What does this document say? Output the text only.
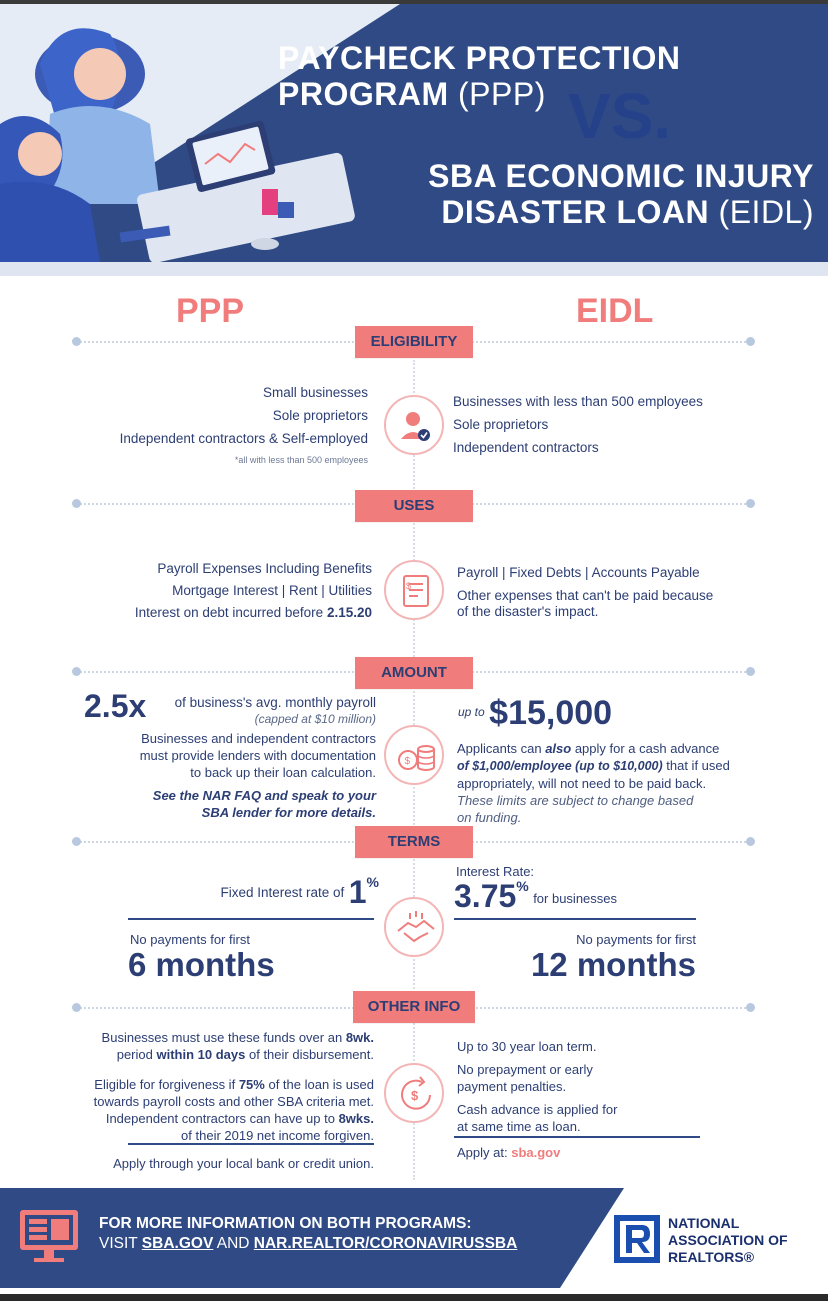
PAYCHECK PROTECTION
PROGRAM (PPP) VS.
SBA ECONOMIC INJURY
DISASTER LOAN (EIDL)
PPP	EIDL
ELIGIBILITY
Small businesses
Sole proprietors
Independent contractors & Self-employed
*all with less than 500 employees
Businesses with less than 500 employees
Sole proprietors
Independent contractors
USES
Payroll Expenses Including Benefits
Mortgage Interest | Rent | Utilities
Interest on debt incurred before 2.15.20
$
Payroll | Fixed Debts | Accounts Payable
Other expenses that can't be paid because
of the disaster's impact.
AMOUNT
2.5x	of business's avg. monthly payroll
(capped at $10 million)
Businesses and independent contractors
must provide lenders with documentation
to back up their loan calculation.
See the NAR FAQ and speak to your
SBA lender for more details.
$
$^{up to}$ $15,000
Applicants can also apply for a cash advance
of $1,000/employee (up to $10,000) that if used
appropriately, will not need to be paid back.
These limits are subject to change based
on funding.
TERMS
$^{Fixed Interest rate of}$ 1%
No payments for first
6 months
Interest Rate:
3.75% $^{for businesses}$
No payments for first
12 months
OTHER INFO
Businesses must use these funds over an 8wk.
period within 10 days of their disbursement.
Eligible for forgiveness if 75% of the loan is used
towards payroll costs and other SBA criteria met.
Independent contractors can have up to 8wks.
of their 2019 net income forgiven.
Apply through your local bank or credit union.
$
Up to 30 year loan term.
No prepayment or early
payment penalties.
Cash advance is applied for
at same time as loan.
Apply at: sba.gov
FOR MORE INFORMATION ON BOTH PROGRAMS:
VISIT SBA.GOV AND NAR.REALTOR/CORONAVIRUSSBA
NATIONAL
ASSOCIATION OF
REALTORS®
